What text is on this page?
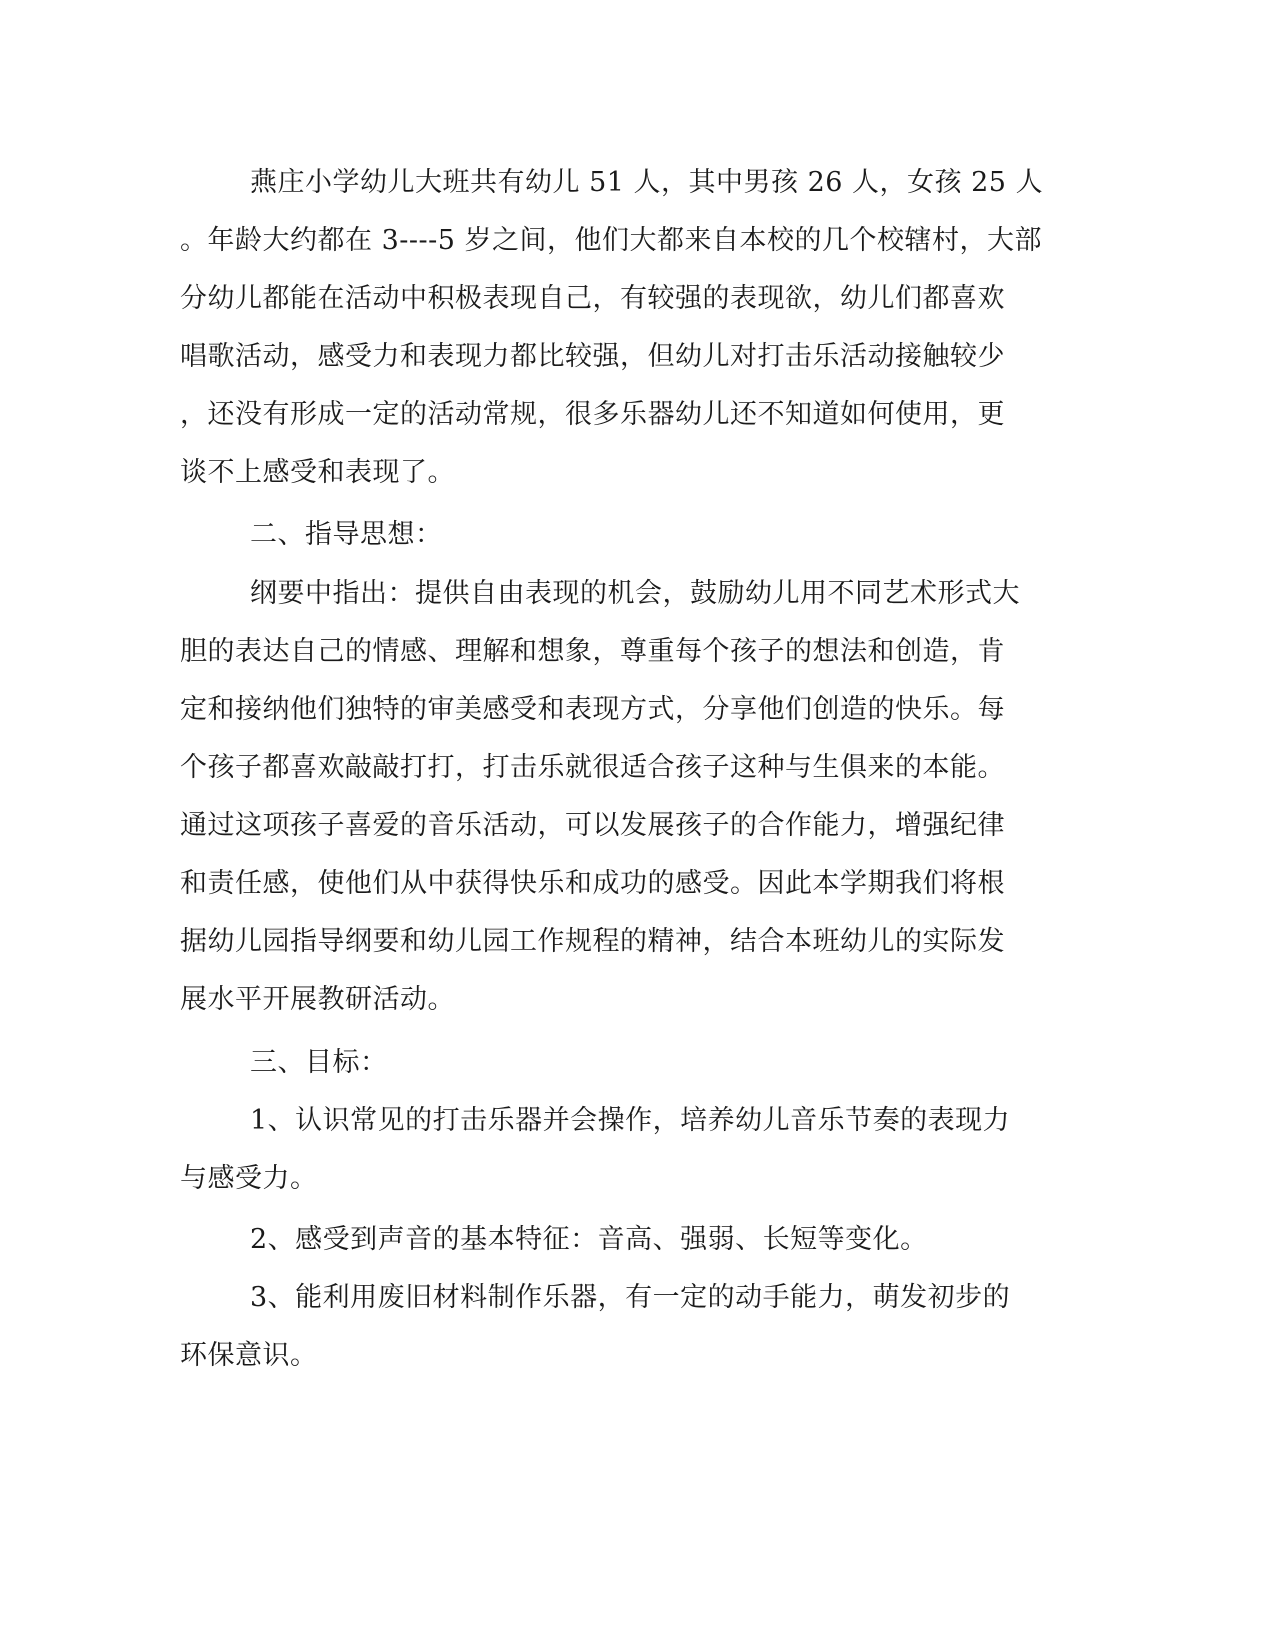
燕庄小学幼儿大班共有幼儿 51 人，其中男孩 26 人，女孩 25 人
。年龄大约都在 3----5 岁之间，他们大都来自本校的几个校辖村，大部
分幼儿都能在活动中积极表现自己，有较强的表现欲，幼儿们都喜欢
唱歌活动，感受力和表现力都比较强，但幼儿对打击乐活动接触较少
，还没有形成一定的活动常规，很多乐器幼儿还不知道如何使用，更
谈不上感受和表现了。
二、指导思想：
纲要中指出：提供自由表现的机会，鼓励幼儿用不同艺术形式大
胆的表达自己的情感、理解和想象，尊重每个孩子的想法和创造，肯
定和接纳他们独特的审美感受和表现方式，分享他们创造的快乐。每
个孩子都喜欢敲敲打打，打击乐就很适合孩子这种与生俱来的本能。
通过这项孩子喜爱的音乐活动，可以发展孩子的合作能力，增强纪律
和责任感，使他们从中获得快乐和成功的感受。因此本学期我们将根
据幼儿园指导纲要和幼儿园工作规程的精神，结合本班幼儿的实际发
展水平开展教研活动。
三、目标：
1、认识常见的打击乐器并会操作，培养幼儿音乐节奏的表现力
与感受力。
2、感受到声音的基本特征：音高、强弱、长短等变化。
3、能利用废旧材料制作乐器，有一定的动手能力，萌发初步的
环保意识。
